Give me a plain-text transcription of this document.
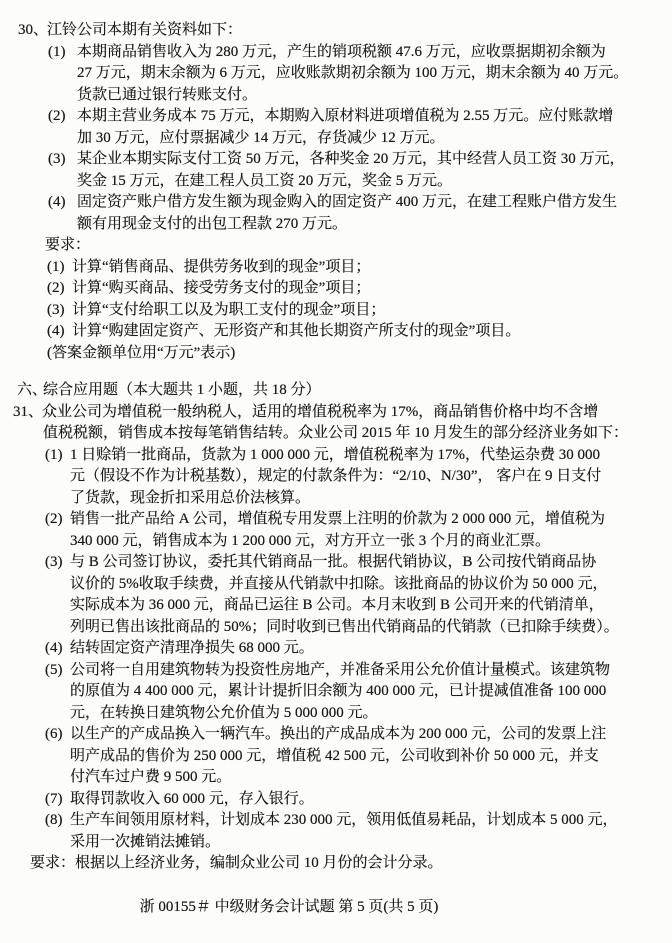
30、
江铃公司本期有关资料如下：
(1) 本期商品销售收入为 280 万元，产生的销项税额 47.6 万元，应收票据期初余额为
27 万元，期末余额为 6 万元，应收账款期初余额为 100 万元，期末余额为 40 万元。
货款已通过银行转账支付。
(2) 本期主营业务成本 75 万元，本期购入原材料进项增值税为 2.55 万元。应付账款增
加 30 万元，应付票据减少 14 万元，存货减少 12 万元。
(3) 某企业本期实际支付工资 50 万元，各种奖金 20 万元，其中经营人员工资 30 万元，
奖金 15 万元，在建工程人员工资 20 万元，奖金 5 万元。
(4) 固定资产账户借方发生额为现金购入的固定资产 400 万元，在建工程账户借方发生
额有用现金支付的出包工程款 270 万元。
要求：
(1) 计算“销售商品、提供劳务收到的现金”项目；
(2) 计算“购买商品、接受劳务支付的现金”项目；
(3) 计算“支付给职工以及为职工支付的现金”项目；
(4) 计算“购建固定资产、无形资产和其他长期资产所支付的现金”项目。
(答案金额单位用“万元”表示)
六、
综合应用题（本大题共 1 小题，共 18 分）
31、
众业公司为增值税一般纳税人，适用的增值税税率为 17%，商品销售价格中均不含增
值税税额，销售成本按每笔销售结转。众业公司 2015 年 10 月发生的部分经济业务如下：
(1) 1 日赊销一批商品，货款为 1 000 000 元，增值税税率为 17%，代垫运杂费 30 000
元（假设不作为计税基数），规定的付款条件为：“2/10、N/30”， 客户在 9 日支付
了货款，现金折扣采用总价法核算。
(2) 销售一批产品给 A 公司，增值税专用发票上注明的价款为 2 000 000 元，增值税为
340 000 元，销售成本为 1 200 000 元，对方开立一张 3 个月的商业汇票。
(3) 与 B 公司签订协议，委托其代销商品一批。根据代销协议，B 公司按代销商品协
议价的 5%收取手续费，并直接从代销款中扣除。该批商品的协议价为 50 000 元，
实际成本为 36 000 元，商品已运往 B 公司。本月末收到 B 公司开来的代销清单，
列明已售出该批商品的 50%；同时收到已售出代销商品的代销款（已扣除手续费）。
(4) 结转固定资产清理净损失 68 000 元。
(5) 公司将一自用建筑物转为投资性房地产，并准备采用公允价值计量模式。该建筑物
的原值为 4 400 000 元，累计计提折旧余额为 400 000 元，已计提减值准备 100 000
元，在转换日建筑物公允价值为 5 000 000 元。
(6) 以生产的产成品换入一辆汽车。换出的产成品成本为 200 000 元，公司的发票上注
明产成品的售价为 250 000 元，增值税 42 500 元，公司收到补价 50 000 元，并支
付汽车过户费 9 500 元。
(7) 取得罚款收入 60 000 元，存入银行。
(8) 生产车间领用原材料，计划成本 230 000 元，领用低值易耗品，计划成本 5 000 元，
采用一次摊销法摊销。
要求： 根据以上经济业务，编制众业公司 10 月份的会计分录。
浙 00155＃ 中级财务会计试题 第 5 页(共 5 页)
